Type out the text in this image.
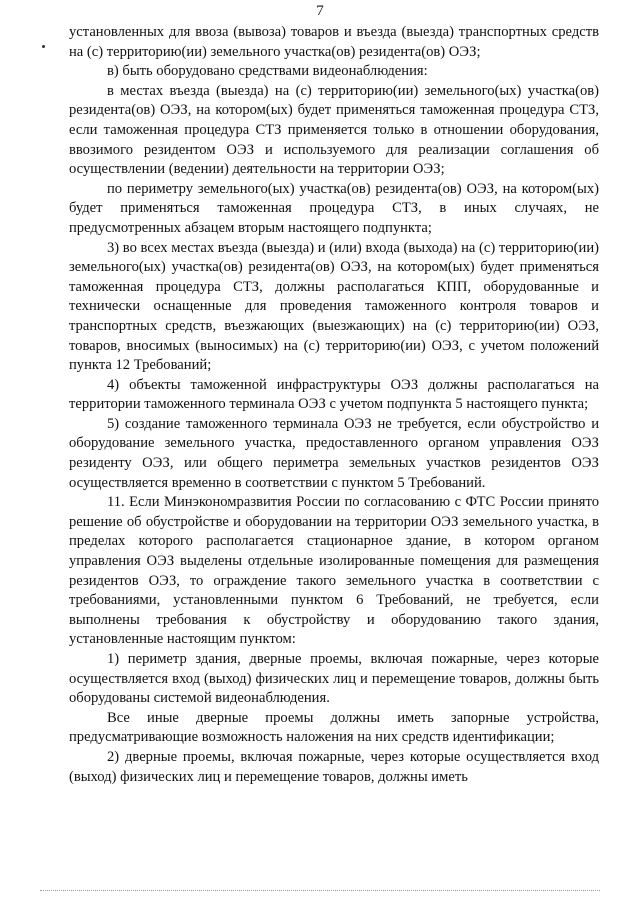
7

установленных для ввоза (вывоза) товаров и въезда (выезда) транспортных средств на (с) территорию(ии) земельного участка(ов) резидента(ов) ОЭЗ;

в) быть оборудовано средствами видеонаблюдения:

в местах въезда (выезда) на (с) территорию(ии) земельного(ых) участка(ов) резидента(ов) ОЭЗ, на котором(ых) будет применяться таможенная процедура СТЗ, если таможенная процедура СТЗ применяется только в отношении оборудования, ввозимого резидентом ОЭЗ и используемого для реализации соглашения об осуществлении (ведении) деятельности на территории ОЭЗ;

по периметру земельного(ых) участка(ов) резидента(ов) ОЭЗ, на котором(ых) будет применяться таможенная процедура СТЗ, в иных случаях, не предусмотренных абзацем вторым настоящего подпункта;

3) во всех местах въезда (выезда) и (или) входа (выхода) на (с) территорию(ии) земельного(ых) участка(ов) резидента(ов) ОЭЗ, на котором(ых) будет применяться таможенная процедура СТЗ, должны располагаться КПП, оборудованные и технически оснащенные для проведения таможенного контроля товаров и транспортных средств, въезжающих (выезжающих) на (с) территорию(ии) ОЭЗ, товаров, вносимых (выносимых) на (с) территорию(ии) ОЭЗ, с учетом положений пункта 12 Требований;

4) объекты таможенной инфраструктуры ОЭЗ должны располагаться на территории таможенного терминала ОЭЗ с учетом подпункта 5 настоящего пункта;

5) создание таможенного терминала ОЭЗ не требуется, если обустройство и оборудование земельного участка, предоставленного органом управления ОЭЗ резиденту ОЭЗ, или общего периметра земельных участков резидентов ОЭЗ осуществляется временно в соответствии с пунктом 5 Требований.

11. Если Минэкономразвития России по согласованию с ФТС России принято решение об обустройстве и оборудовании на территории ОЭЗ земельного участка, в пределах которого располагается стационарное здание, в котором органом управления ОЭЗ выделены отдельные изолированные помещения для размещения резидентов ОЭЗ, то ограждение такого земельного участка в соответствии с требованиями, установленными пунктом 6 Требований, не требуется, если выполнены требования к обустройству и оборудованию такого здания, установленные настоящим пунктом:

1) периметр здания, дверные проемы, включая пожарные, через которые осуществляется вход (выход) физических лиц и перемещение товаров, должны быть оборудованы системой видеонаблюдения.

Все иные дверные проемы должны иметь запорные устройства, предусматривающие возможность наложения на них средств идентификации;

2) дверные проемы, включая пожарные, через которые осуществляется вход (выход) физических лиц и перемещение товаров, должны иметь
